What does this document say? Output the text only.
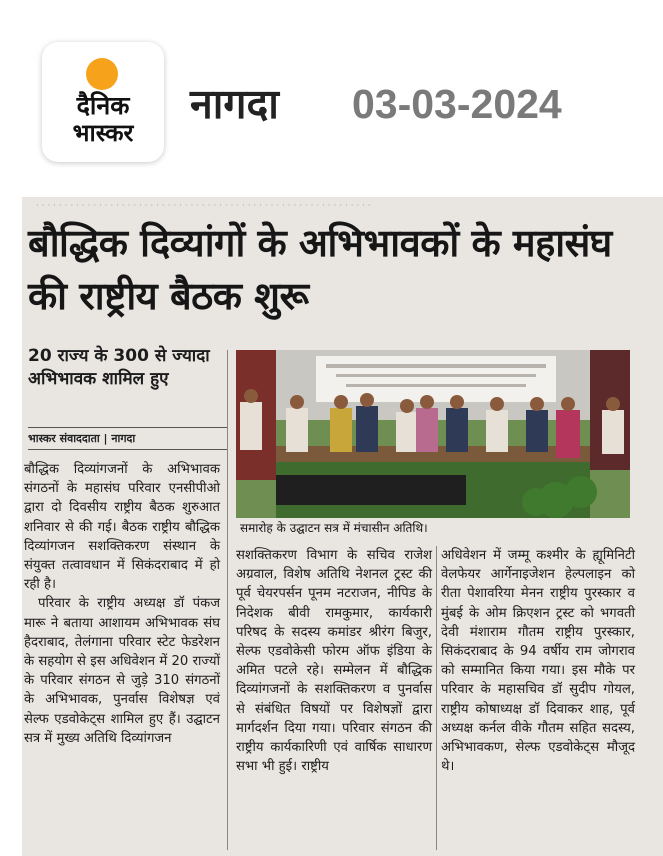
दैनिक
भास्कर
नागदा 03-03-2024
· · · · · · · · · · · · · · · · · · · · · · · · · · · · · · · · · · · · · · · · · · · · · · · · · · · · · · · · · · ·
बौद्धिक दिव्यांगों के अभिभावकों के महासंघ की राष्ट्रीय बैठक शुरू
20 राज्य के 300 से ज्यादा अभिभावक शामिल हुए
भास्कर संवाददाता | नागदा
समारोह के उद्घाटन सत्र में मंचासीन अतिथि।

बौद्धिक दिव्यांगजनों के अभिभावक संगठनों के महासंघ परिवार एनसीपीओ द्वारा दो दिवसीय राष्ट्रीय बैठक शुरुआत शनिवार से की गई। बैठक राष्ट्रीय बौद्धिक दिव्यांगजन सशक्तिकरण संस्थान के संयुक्त तत्वावधान में सिकंदराबाद में हो रही है।

परिवार के राष्ट्रीय अध्यक्ष डॉ पंकज मारू ने बताया आशायम अभिभावक संघ हैदराबाद, तेलंगाना परिवार स्टेट फेडरेशन के सहयोग से इस अधिवेशन में 20 राज्यों के परिवार संगठन से जुड़े 310 संगठनों के अभिभावक, पुनर्वास विशेषज्ञ एवं सेल्फ एडवोकेट्स शामिल हुए हैं। उद्घाटन सत्र में मुख्य अतिथि दिव्यांगजन

सशक्तिकरण विभाग के सचिव राजेश अग्रवाल, विशेष अतिथि नेशनल ट्रस्ट की पूर्व चेयरपर्सन पूनम नटराजन, नीपिड के निदेशक बीवी रामकुमार, कार्यकारी परिषद के सदस्य कमांडर श्रीरंग बिजुर, सेल्फ एडवोकेसी फोरम ऑफ इंडिया के अमित पटले रहे। सम्मेलन में बौद्धिक दिव्यांगजनों के सशक्तिकरण व पुनर्वास से संबंधित विषयों पर विशेषज्ञों द्वारा मार्गदर्शन दिया गया। परिवार संगठन की राष्ट्रीय कार्यकारिणी एवं वार्षिक साधारण सभा भी हुई। राष्ट्रीय

अधिवेशन में जम्मू कश्मीर के ह्यूमिनिटी वेलफेयर आर्गेनाइजेशन हेल्पलाइन को रीता पेशावरिया मेनन राष्ट्रीय पुरस्कार व मुंबई के ओम क्रिएशन ट्रस्ट को भगवती देवी मंशाराम गौतम राष्ट्रीय पुरस्कार, सिकंदराबाद के 94 वर्षीय राम जोगराव को सम्मानित किया गया। इस मौके पर परिवार के महासचिव डॉ सुदीप गोयल, राष्ट्रीय कोषाध्यक्ष डॉ दिवाकर शाह, पूर्व अध्यक्ष कर्नल वीके गौतम सहित सदस्य, अभिभावकण, सेल्फ एडवोकेट्स मौजूद थे।
